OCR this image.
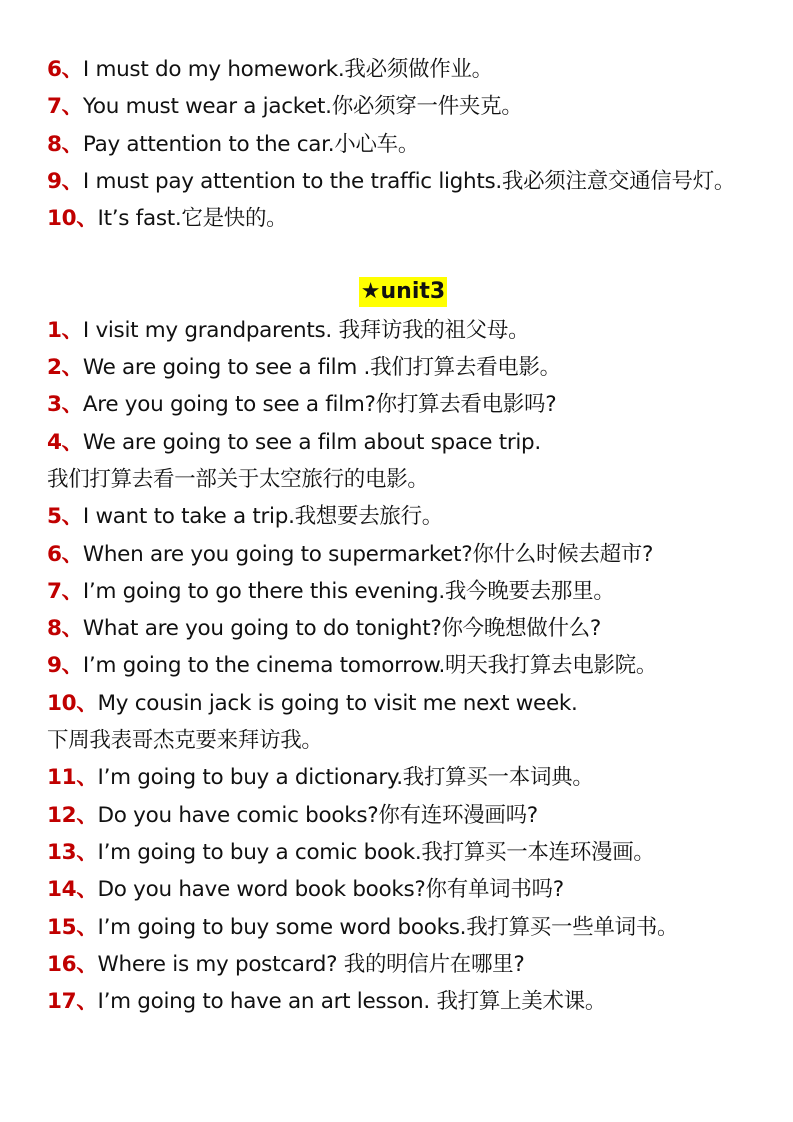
6、I must do my homework.我必须做作业。
7、You must wear a jacket.你必须穿一件夹克。
8、Pay attention to the car.小心车。
9、I must pay attention to the traffic lights.我必须注意交通信号灯。
10、It’s fast.它是快的。
★unit3
1、I visit my grandparents. 我拜访我的祖父母。
2、We are going to see a film .我们打算去看电影。
3、Are you going to see a film?你打算去看电影吗?
4、We are going to see a film about space trip.
我们打算去看一部关于太空旅行的电影。
5、I want to take a trip.我想要去旅行。
6、When are you going to supermarket?你什么时候去超市?
7、I’m going to go there this evening.我今晚要去那里。
8、What are you going to do tonight?你今晚想做什么?
9、I’m going to the cinema tomorrow.明天我打算去电影院。
10、My cousin jack is going to visit me next week.
下周我表哥杰克要来拜访我。
11、I’m going to buy a dictionary.我打算买一本词典。
12、Do you have comic books?你有连环漫画吗?
13、I’m going to buy a comic book.我打算买一本连环漫画。
14、Do you have word book books?你有单词书吗?
15、I’m going to buy some word books.我打算买一些单词书。
16、Where is my postcard? 我的明信片在哪里?
17、I’m going to have an art lesson. 我打算上美术课。
